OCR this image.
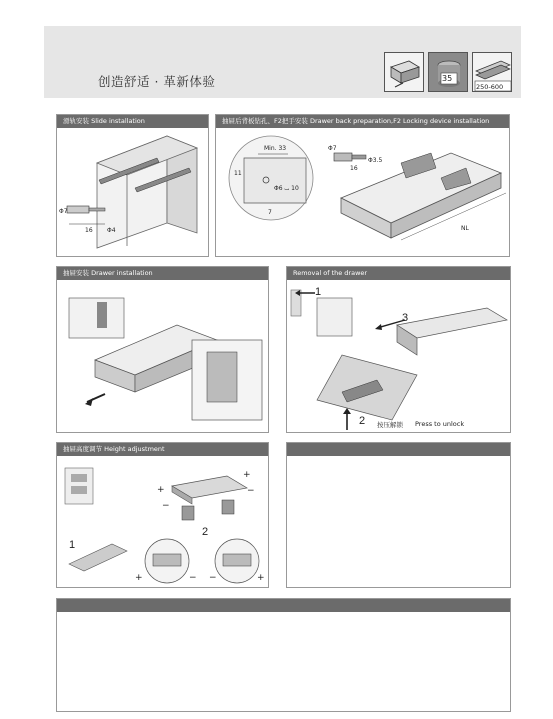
创造舒适 · 革新体验	35
250-600
滑轨安装 Slide installation
Φ7
16 Φ4
抽屉后背板钻孔、F2把手安装 Drawer back preparation,F2 Locking device installation
Min. 33
11
Φ6 ⌴ 10
7
Φ7
16
Φ3.5
NL
抽屉安装 Drawer installation	Removal of the drawer
1
2
3
按压解锁 Press to unlock
抽屉高度调节 Height adjustment
1
2
+
−
+
−
+	− −	+
